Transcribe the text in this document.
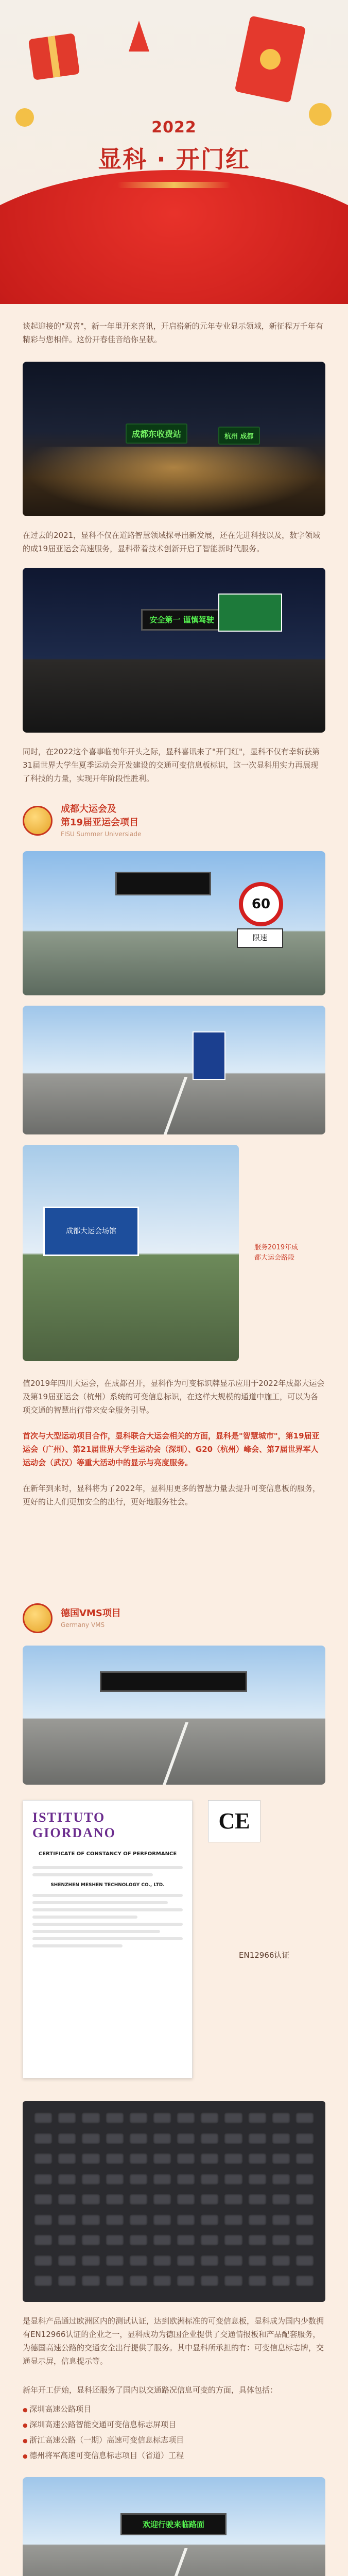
2022
显科 · 开门红

谈起迎接的"双喜"，新一年里开来喜讯，开启崭新的元年专业显示领域，新征程万千年有精彩与您相伴。这份开春佳音给你呈献。

成都东收费站	杭州 成都

在过去的2021，显科不仅在道路智慧领域探寻出新发展，还在先进科技以及，数字领域的成19届亚运会高速服务，显科带着技术创新开启了智能新时代服务。

安全第一 谨慎驾驶

同时，在2022这个喜事临前年开头之际，显科喜讯来了"开门红"，显科不仅有幸斩获第31届世界大学生夏季运动会开发建设的交通可变信息板标识，这一次显科用实力再展现了科技的力量，实现开年阶段性胜利。

成都大运会及
第19届亚运会项目
FISU Summer Universiade
60
限速
成都大运会场馆
服务2019年成
都大运会路段

值2019年四川大运会，在成都召开，显科作为可变标识牌显示应用于2022年成都大运会及第19届亚运会（杭州）系统的可变信息标识，在这样大规模的通道中施工，可以为各项交通的智慧出行带来安全服务引导。

首次与大型运动项目合作，显科联合大运会相关的方面，显科是"智慧城市"，第19届亚运会（广州）、第21届世界大学生运动会（深圳）、G20（杭州）峰会、第7届世界军人运动会（武汉）等重大活动中的显示与亮度服务。

在新年到来时，显科将为了2022年，显科用更多的智慧力量去提升可变信息板的服务，更好的让人们更加安全的出行，更好地服务社会。

德国VMS项目
Germany VMS
ISTITUTO
GIORDANO
CERTIFICATE OF CONSTANCY OF PERFORMANCE
SHENZHEN MESHEN TECHNOLOGY CO., LTD.
CE
EN12966认证

是显科产品通过欧洲区内的测试认证，达到欧洲标准的可变信息板，显科成为国内少数拥有EN12966认证的企业之一，显科成功为德国企业提供了交通情报板和产品配套服务，为德国高速公路的交通安全出行提供了服务。其中显科所承担的有：可变信息标志牌，交通显示屏，信息提示等。

新年开工伊始，显科还服务了国内以交通路况信息可变的方面，具体包括：

● 深圳高速公路项目
● 深圳高速公路智能交通可变信息标志屏项目
● 浙江高速公路（一期）高速可变信息标志项目
● 德州将军高速可变信息标志项目（省道）工程
欢迎行驶来临路面
